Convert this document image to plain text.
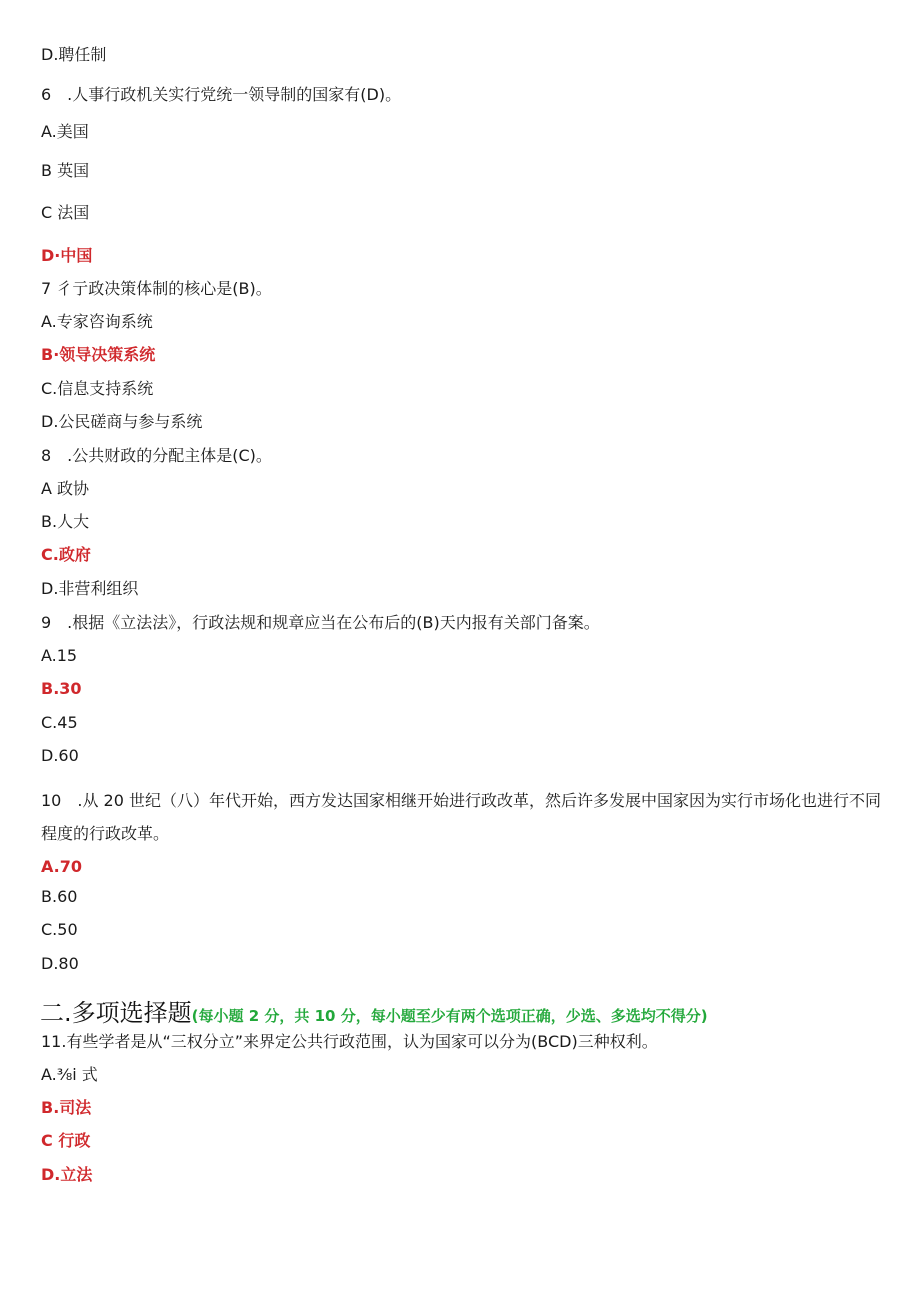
D.聘任制
6　.人事行政机关实行党统一领导制的国家有(D)。
A.美国
B 英国
C 法国
D·中国
7 彳亍政决策体制的核心是(B)。
A.专家咨询系统
B·领导决策系统
C.信息支持系统
D.公民磋商与参与系统
8　.公共财政的分配主体是(C)。
A 政协
B.人大
C.政府
D.非营利组织
9　.根据《立法法》，行政法规和规章应当在公布后的(B)天内报有关部门备案。
A.15
B.30
C.45
D.60
10　.从 20 世纪（八）年代开始，西方发达国家相继开始进行政改革，然后许多发展中国家因为实行市场化也进行不同程度的行政改革。
A.70
B.60
C.50
D.80
二.多项选择题(每小题 2 分，共 10 分，每小题至少有两个选项正确，少选、多选均不得分)
11.有些学者是从“三权分立”来界定公共行政范围，认为国家可以分为(BCD)三种权利。
A.⅜i 式
B.司法
C 行政
D.立法
